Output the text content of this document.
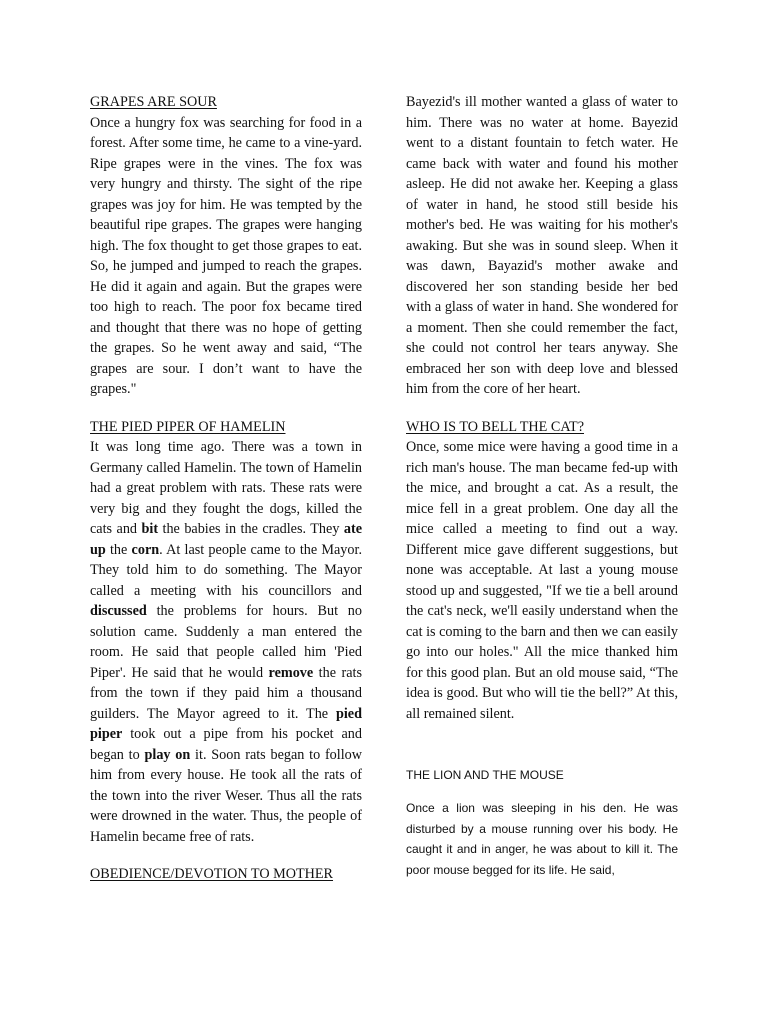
GRAPES ARE SOUR

Once a hungry fox was searching for food in a forest. After some time, he came to a vine-yard. Ripe grapes were in the vines. The fox was very hungry and thirsty. The sight of the ripe grapes was joy for him. He was tempted by the beautiful ripe grapes. The grapes were hanging high. The fox thought to get those grapes to eat. So, he jumped and jumped to reach the grapes. He did it again and again. But the grapes were too high to reach. The poor fox became tired and thought that there was no hope of getting the grapes. So he went away and said, “The grapes are sour. I don’t want to have the grapes."

THE PIED PIPER OF HAMELIN

It was long time ago. There was a town in Germany called Hamelin. The town of Hamelin had a great problem with rats. These rats were very big and they fought the dogs, killed the cats and bit the babies in the cradles. They ate up the corn. At last people came to the Mayor. They told him to do something. The Mayor called a meeting with his councillors and discussed the problems for hours. But no solution came. Suddenly a man entered the room. He said that people called him 'Pied Piper'. He said that he would remove the rats from the town if they paid him a thousand guilders. The Mayor agreed to it. The pied piper took out a pipe from his pocket and began to play on it. Soon rats began to follow him from every house. He took all the rats of the town into the river Weser. Thus all the rats were drowned in the water. Thus, the people of Hamelin became free of rats.

OBEDIENCE/DEVOTION TO MOTHER

Bayezid's ill mother wanted a glass of water to him. There was no water at home. Bayezid went to a distant fountain to fetch water. He came back with water and found his mother asleep. He did not awake her. Keeping a glass of water in hand, he stood still beside his mother's bed. He was waiting for his mother's awaking. But she was in sound sleep. When it was dawn, Bayazid's mother awake and discovered her son standing beside her bed with a glass of water in hand. She wondered for a moment. Then she could remember the fact, she could not control her tears anyway. She embraced her son with deep love and blessed him from the core of her heart.

WHO IS TO BELL THE CAT?

Once, some mice were having a good time in a rich man's house. The man became fed-up with the mice, and brought a cat. As a result, the mice fell in a great problem. One day all the mice called a meeting to find out a way. Different mice gave different suggestions, but none was acceptable. At last a young mouse stood up and suggested, "If we tie a bell around the cat's neck, we'll easily understand when the cat is coming to the barn and then we can easily go into our holes." All the mice thanked him for this good plan. But an old mouse said, “The idea is good. But who will tie the bell?” At this, all remained silent.

THE LION AND THE MOUSE

Once a lion was sleeping in his den. He was disturbed by a mouse running over his body. He caught it and in anger, he was about to kill it. The poor mouse begged for its life. He said,
